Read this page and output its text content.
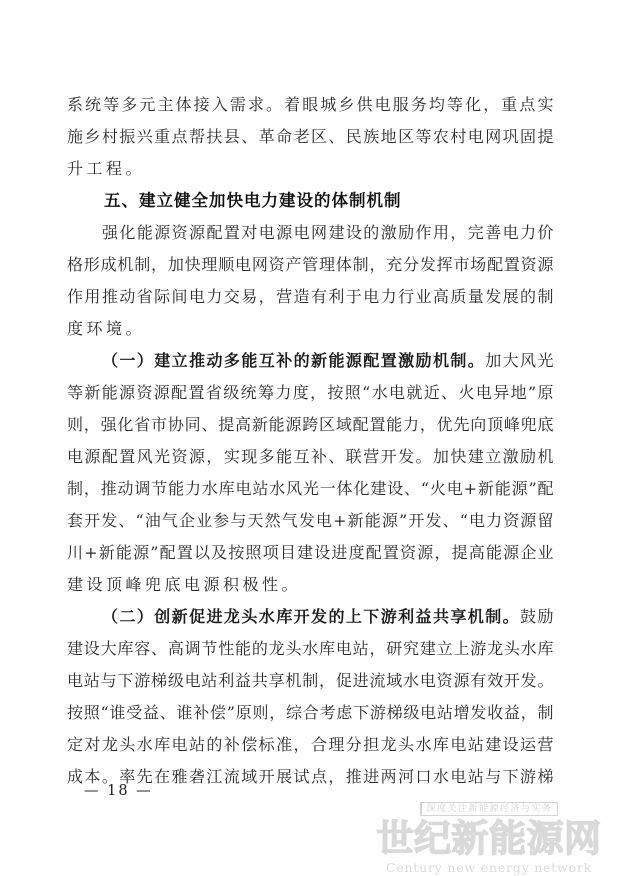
系统等多元主体接入需求。着眼城乡供电服务均等化，重点实
施乡村振兴重点帮扶县、革命老区、民族地区等农村电网巩固提
升工程。
五、建立健全加快电力建设的体制机制
强化能源资源配置对电源电网建设的激励作用，完善电力价
格形成机制，加快理顺电网资产管理体制，充分发挥市场配置资源
作用推动省际间电力交易，营造有利于电力行业高质量发展的制
度环境。
（一）建立推动多能互补的新能源配置激励机制。加大风光
等新能源资源配置省级统筹力度，按照“水电就近、火电异地”原
则，强化省市协同、提高新能源跨区域配置能力，优先向顶峰兜底
电源配置风光资源，实现多能互补、联营开发。加快建立激励机
制，推动调节能力水库电站水风光一体化建设、“火电+新能源”配
套开发、“油气企业参与天然气发电+新能源”开发、“电力资源留
川+新能源”配置以及按照项目建设进度配置资源，提高能源企业
建设顶峰兜底电源积极性。
（二）创新促进龙头水库开发的上下游利益共享机制。鼓励
建设大库容、高调节性能的龙头水库电站，研究建立上游龙头水库
电站与下游梯级电站利益共享机制，促进流域水电资源有效开发。
按照“谁受益、谁补偿”原则，综合考虑下游梯级电站增发收益，制
定对龙头水库电站的补偿标准，合理分担龙头水库电站建设运营
成本。率先在雅砻江流域开展试点，推进两河口水电站与下游梯
— 18 —
深度关注新能源经济与实务
世纪新能源网
Century new energy network
